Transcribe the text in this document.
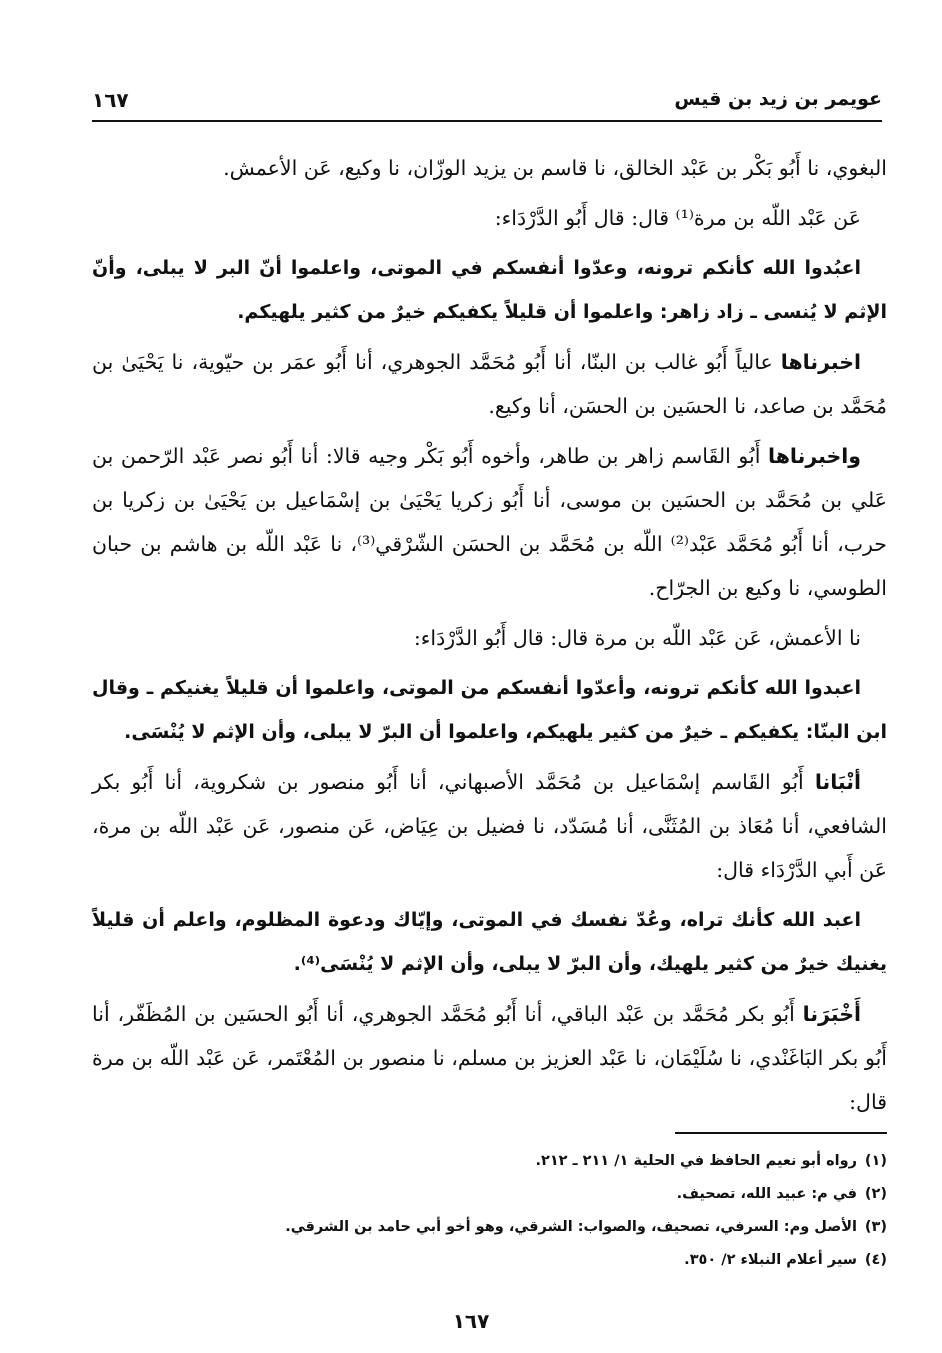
عويمر بن زيد بن قيس
١٦٧

البغوي، نا أَبُو بَكْر بن عَبْد الخالق، نا قاسم بن يزيد الوزّان، نا وكيع، عَن الأعمش.

عَن عَبْد اللّه بن مرة⁽¹⁾ قال: قال أَبُو الدَّرْدَاء:

اعبُدوا الله كأنكم ترونه، وعدّوا أنفسكم في الموتى، واعلموا أنّ البر لا يبلى، وأنّ الإثم لا يُنسى ـ زاد زاهر: واعلموا أن قليلاً يكفيكم خيرٌ من كثير يلهيكم.

اخبرناها عالياً أَبُو غالب بن البنّا، أنا أَبُو مُحَمَّد الجوهري، أنا أَبُو عمَر بن حيّوية، نا يَحْيَىٰ بن مُحَمَّد بن صاعد، نا الحسَين بن الحسَن، أنا وكيع.

واخبرناها أَبُو القَاسم زاهر بن طاهر، وأخوه أَبُو بَكْر وجيه قالا: أنا أَبُو نصر عَبْد الرّحمن بن عَلي بن مُحَمَّد بن الحسَين بن موسى، أنا أَبُو زكريا يَحْيَىٰ بن إسْمَاعيل بن يَحْيَىٰ بن زكريا بن حرب، أنا أَبُو مُحَمَّد عَبْد⁽²⁾ اللّه بن مُحَمَّد بن الحسَن الشّرْقي⁽³⁾، نا عَبْد اللّه بن هاشم بن حبان الطوسي، نا وكيع بن الجرّاح.

نا الأعمش، عَن عَبْد اللّه بن مرة قال: قال أَبُو الدَّرْدَاء:

اعبدوا الله كأنكم ترونه، وأعدّوا أنفسكم من الموتى، واعلموا أن قليلاً يغنيكم ـ وقال ابن البنّا: يكفيكم ـ خيرٌ من كثير يلهيكم، واعلموا أن البرّ لا يبلى، وأن الإثم لا يُنْسَى.

أنْبَانا أَبُو القَاسم إسْمَاعيل بن مُحَمَّد الأصبهاني، أنا أَبُو منصور بن شكروية، أنا أَبُو بكر الشافعي، أنا مُعَاذ بن المُثَنَّى، أنا مُسَدّد، نا فضيل بن عِيَاض، عَن منصور، عَن عَبْد اللّه بن مرة، عَن أَبي الدَّرْدَاء قال:

اعبد الله كأنك تراه، وعُدّ نفسك في الموتى، وإيّاك ودعوة المظلوم، واعلم أن قليلاً يغنيك خيرٌ من كثير يلهيك، وأن البرّ لا يبلى، وأن الإثم لا يُنْسَى⁽⁴⁾.

أَخْبَرَنا أَبُو بكر مُحَمَّد بن عَبْد الباقي، أنا أَبُو مُحَمَّد الجوهري، أنا أَبُو الحسَين بن المُظَفّر، أنا أَبُو بكر البَاغَنْدي، نا سُلَيْمَان، نا عَبْد العزيز بن مسلم، نا منصور بن المُعْتَمر، عَن عَبْد اللّه بن مرة قال:

(١)رواه أبو نعيم الحافظ في الحلية ١/ ٢١١ ـ ٢١٢.
(٢)في م: عبيد الله، تصحيف.
(٣)الأصل وم: السرفي، تصحيف، والصواب: الشرقي، وهو أخو أبي حامد بن الشرقي.
(٤)سير أعلام النبلاء ٢/ ٣٥٠.
١٦٧
